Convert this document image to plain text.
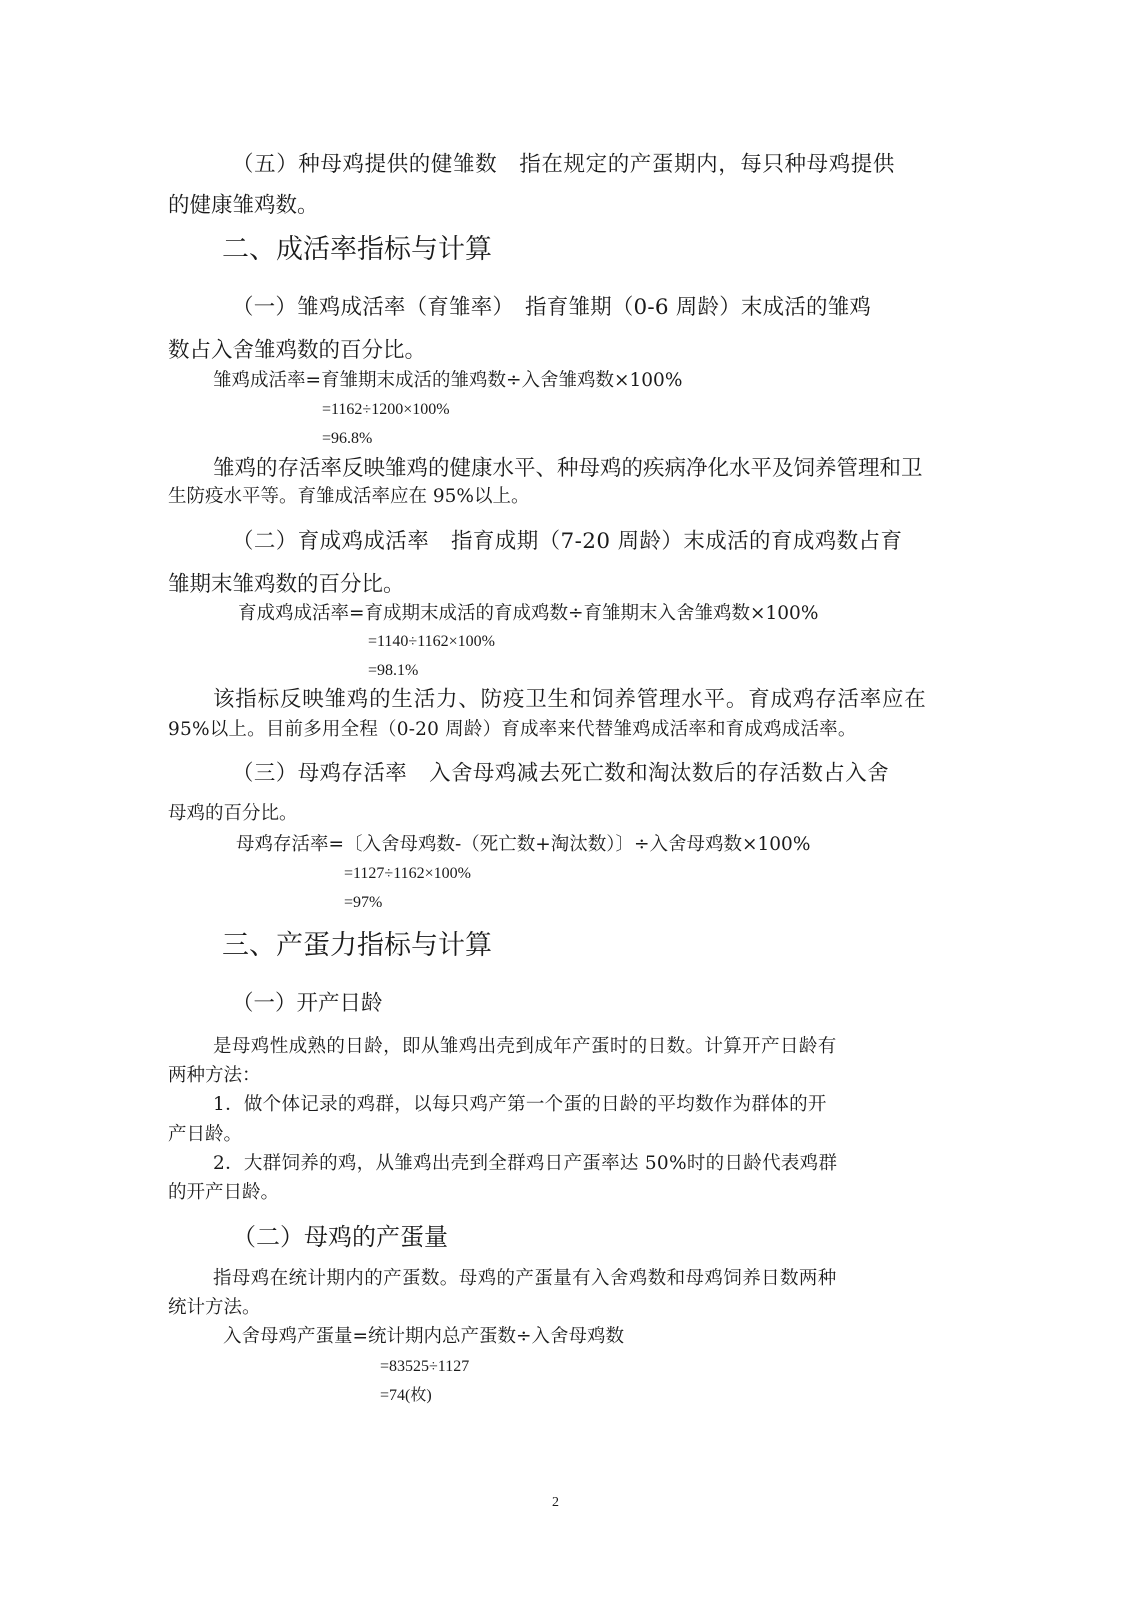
（五）种母鸡提供的健雏数　指在规定的产蛋期内，每只种母鸡提供
的健康雏鸡数。
二、成活率指标与计算
（一）雏鸡成活率（育雏率）　指育雏期（0-6 周龄）末成活的雏鸡
数占入舍雏鸡数的百分比。
雏鸡成活率=育雏期末成活的雏鸡数÷入舍雏鸡数×100%
=1162÷1200×100%
=96.8%
雏鸡的存活率反映雏鸡的健康水平、种母鸡的疾病净化水平及饲养管理和卫
生防疫水平等。育雏成活率应在 95%以上。
（二）育成鸡成活率　指育成期（7-20 周龄）末成活的育成鸡数占育
雏期末雏鸡数的百分比。
育成鸡成活率=育成期末成活的育成鸡数÷育雏期末入舍雏鸡数×100%
=1140÷1162×100%
=98.1%
该指标反映雏鸡的生活力、防疫卫生和饲养管理水平。育成鸡存活率应在
95%以上。目前多用全程（0-20 周龄）育成率来代替雏鸡成活率和育成鸡成活率。
（三）母鸡存活率　入舍母鸡减去死亡数和淘汰数后的存活数占入舍
母鸡的百分比。
母鸡存活率=〔入舍母鸡数-（死亡数+淘汰数）〕÷入舍母鸡数×100%
=1127÷1162×100%
=97%
三、产蛋力指标与计算
（一）开产日龄
是母鸡性成熟的日龄，即从雏鸡出壳到成年产蛋时的日数。计算开产日龄有
两种方法：
1．做个体记录的鸡群，以每只鸡产第一个蛋的日龄的平均数作为群体的开
产日龄。
2．大群饲养的鸡，从雏鸡出壳到全群鸡日产蛋率达 50%时的日龄代表鸡群
的开产日龄。
（二）母鸡的产蛋量
指母鸡在统计期内的产蛋数。母鸡的产蛋量有入舍鸡数和母鸡饲养日数两种
统计方法。
入舍母鸡产蛋量=统计期内总产蛋数÷入舍母鸡数
=83525÷1127
=74(枚)
2
